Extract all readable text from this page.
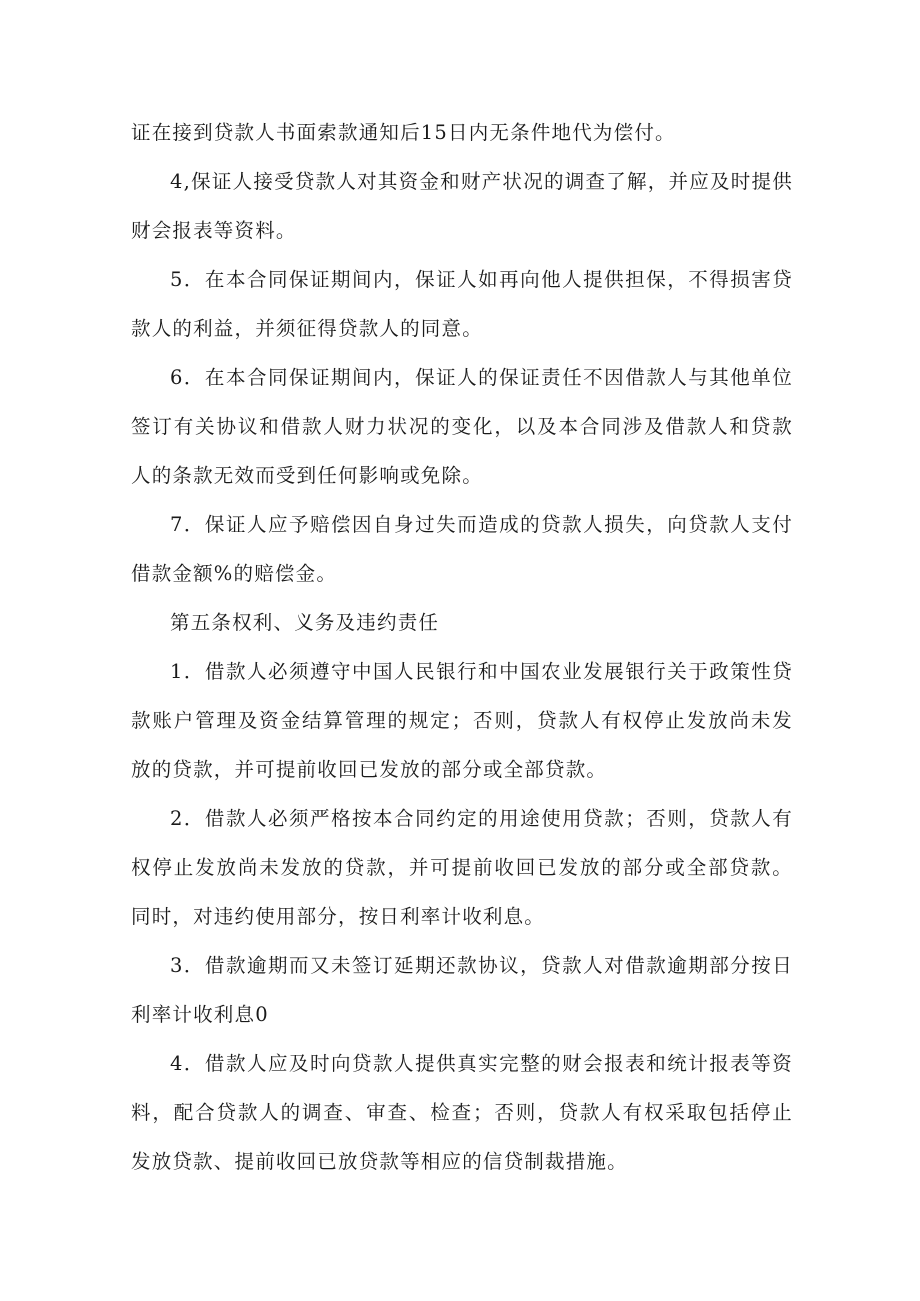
证在接到贷款人书面索款通知后15日内无条件地代为偿付。

4,保证人接受贷款人对其资金和财产状况的调查了解，并应及时提供财会报表等资料。

5．在本合同保证期间内，保证人如再向他人提供担保，不得损害贷款人的利益，并须征得贷款人的同意。

6．在本合同保证期间内，保证人的保证责任不因借款人与其他单位签订有关协议和借款人财力状况的变化，以及本合同涉及借款人和贷款人的条款无效而受到任何影响或免除。

7．保证人应予赔偿因自身过失而造成的贷款人损失，向贷款人支付借款金额%的赔偿金。

第五条权利、义务及违约责任

1．借款人必须遵守中国人民银行和中国农业发展银行关于政策性贷款账户管理及资金结算管理的规定；否则，贷款人有权停止发放尚未发放的贷款，并可提前收回已发放的部分或全部贷款。

2．借款人必须严格按本合同约定的用途使用贷款；否则，贷款人有权停止发放尚未发放的贷款，并可提前收回已发放的部分或全部贷款。同时，对违约使用部分，按日利率计收利息。

3．借款逾期而又未签订延期还款协议，贷款人对借款逾期部分按日利率计收利息0

4．借款人应及时向贷款人提供真实完整的财会报表和统计报表等资料，配合贷款人的调查、审查、检查；否则，贷款人有权采取包括停止发放贷款、提前收回已放贷款等相应的信贷制裁措施。
